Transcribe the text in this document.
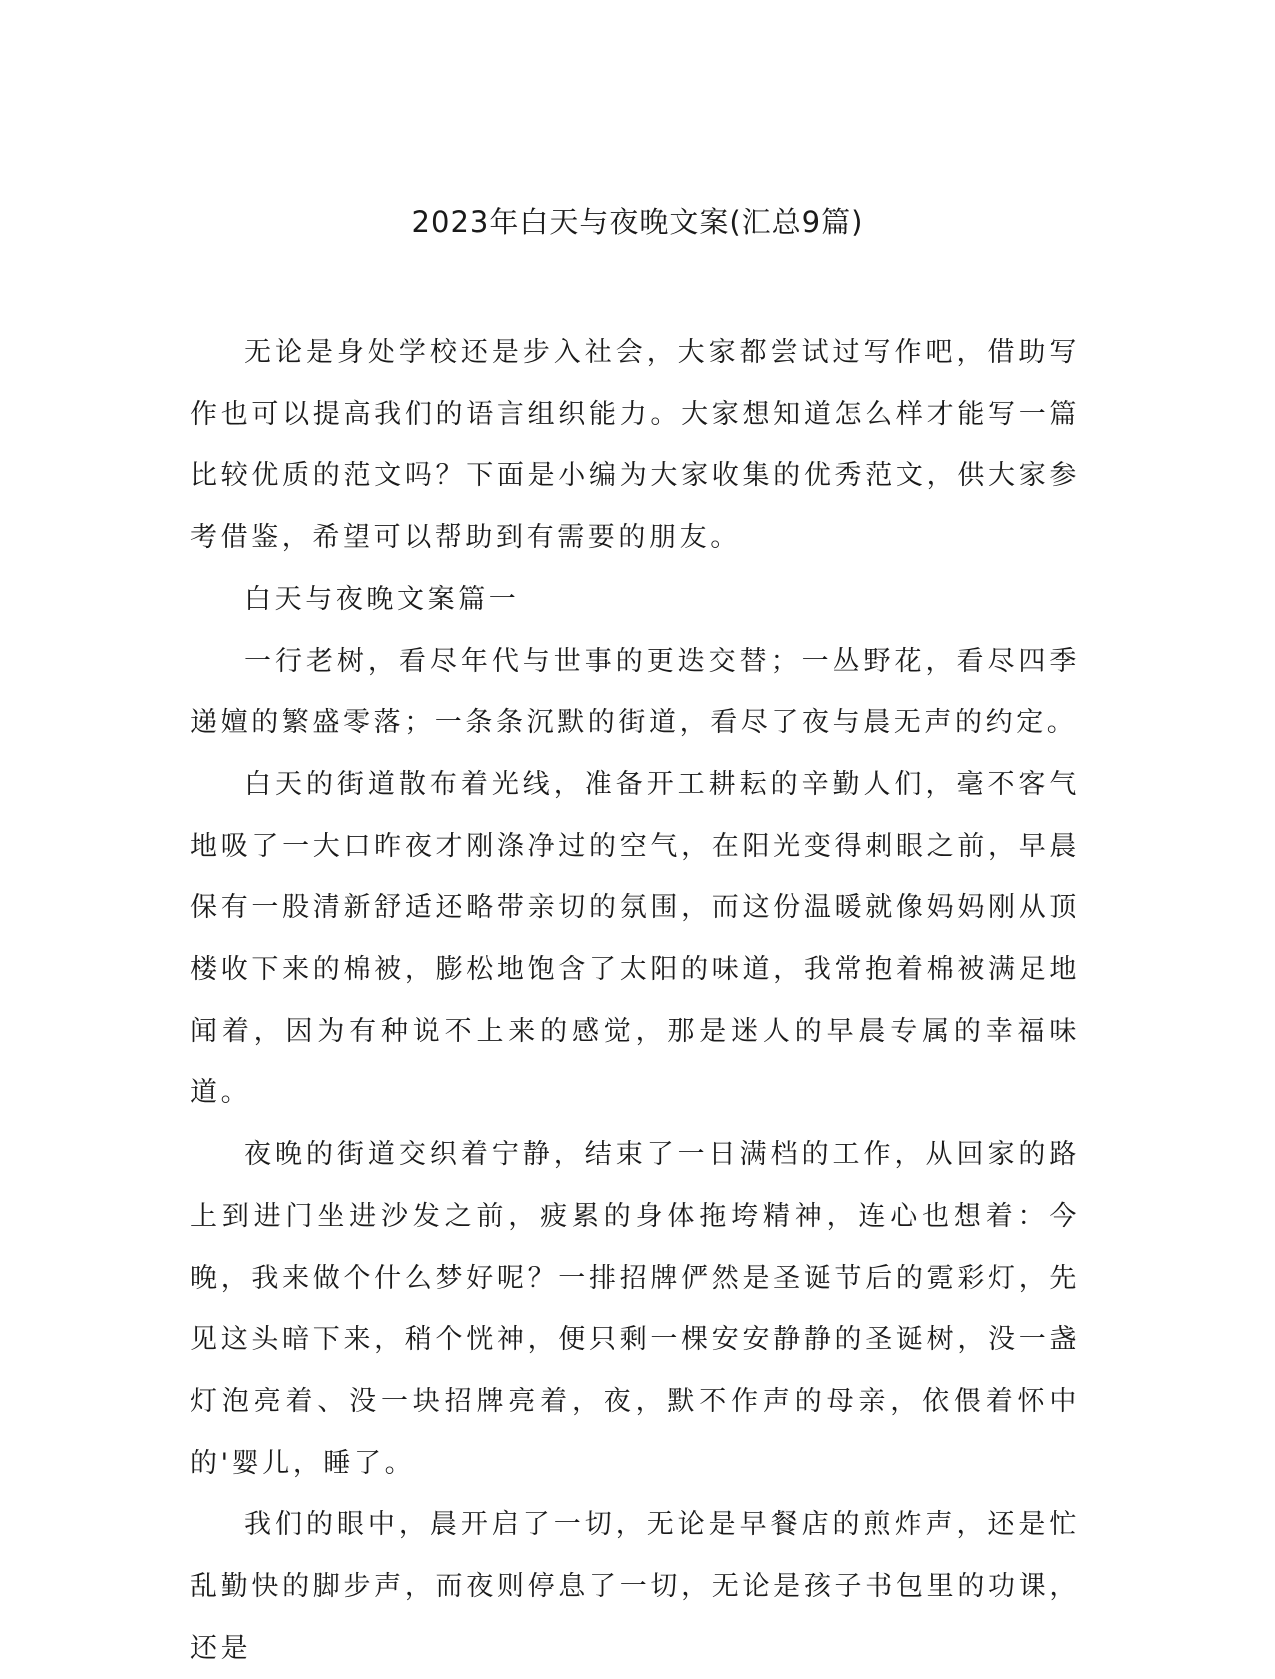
2023年白天与夜晚文案(汇总9篇)

无论是身处学校还是步入社会，大家都尝试过写作吧，借助写作也可以提高我们的语言组织能力。大家想知道怎么样才能写一篇比较优质的范文吗？下面是小编为大家收集的优秀范文，供大家参考借鉴，希望可以帮助到有需要的朋友。

白天与夜晚文案篇一

一行老树，看尽年代与世事的更迭交替；一丛野花，看尽四季递嬗的繁盛零落；一条条沉默的街道，看尽了夜与晨无声的约定。

白天的街道散布着光线，准备开工耕耘的辛勤人们，毫不客气地吸了一大口昨夜才刚涤净过的空气，在阳光变得刺眼之前，早晨保有一股清新舒适还略带亲切的氛围，而这份温暖就像妈妈刚从顶楼收下来的棉被，膨松地饱含了太阳的味道，我常抱着棉被满足地闻着，因为有种说不上来的感觉，那是迷人的早晨专属的幸福味道。

夜晚的街道交织着宁静，结束了一日满档的工作，从回家的路上到进门坐进沙发之前，疲累的身体拖垮精神，连心也想着：今晚，我来做个什么梦好呢？一排招牌俨然是圣诞节后的霓彩灯，先见这头暗下来，稍个恍神，便只剩一棵安安静静的圣诞树，没一盏灯泡亮着、没一块招牌亮着，夜，默不作声的母亲，依偎着怀中的'婴儿，睡了。

我们的眼中，晨开启了一切，无论是早餐店的煎炸声，还是忙乱勤快的脚步声，而夜则停息了一切，无论是孩子书包里的功课，还是
